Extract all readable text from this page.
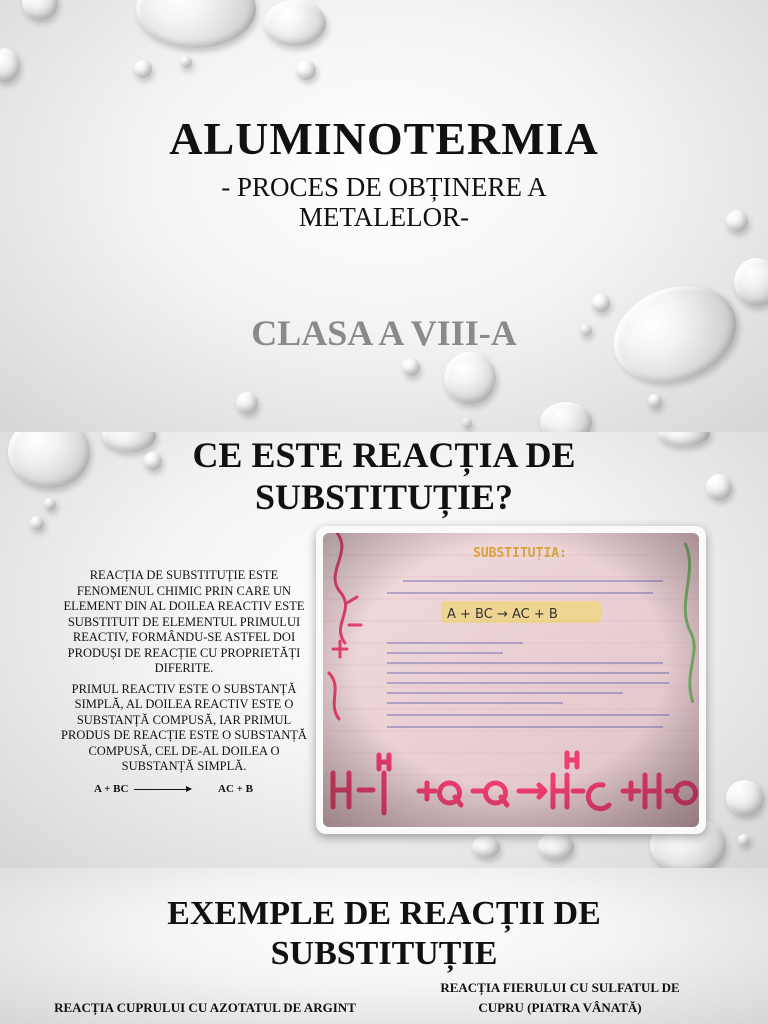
ALUMINOTERMIA
- PROCES DE OBȚINERE A
METALELOR-
CLASA A VIII-A
CE ESTE REACȚIA DE
SUBSTITUȚIE?

REACȚIA DE SUBSTITUȚIE ESTE FENOMENUL CHIMIC PRIN CARE UN ELEMENT DIN AL DOILEA REACTIV ESTE SUBSTITUIT DE ELEMENTUL PRIMULUI REACTIV, FORMÂNDU-SE ASTFEL DOI PRODUȘI DE REACȚIE CU PROPRIETĂȚI DIFERITE.

PRIMUL REACTIV ESTE O SUBSTANȚĂ SIMPLĂ, AL DOILEA REACTIV ESTE O SUBSTANȚĂ COMPUSĂ, IAR PRIMUL PRODUS DE REACȚIE ESTE O SUBSTANȚĂ COMPUSĂ, CEL DE-AL DOILEA O SUBSTANȚĂ SIMPLĂ.

A + BC	AC + B
EXEMPLE DE REACȚII DE
SUBSTITUȚIE
REACȚIA CUPRULUI CU AZOTATUL DE ARGINT
REACȚIA FIERULUI CU SULFATUL DE
CUPRU (PIATRA VÂNATĂ)
